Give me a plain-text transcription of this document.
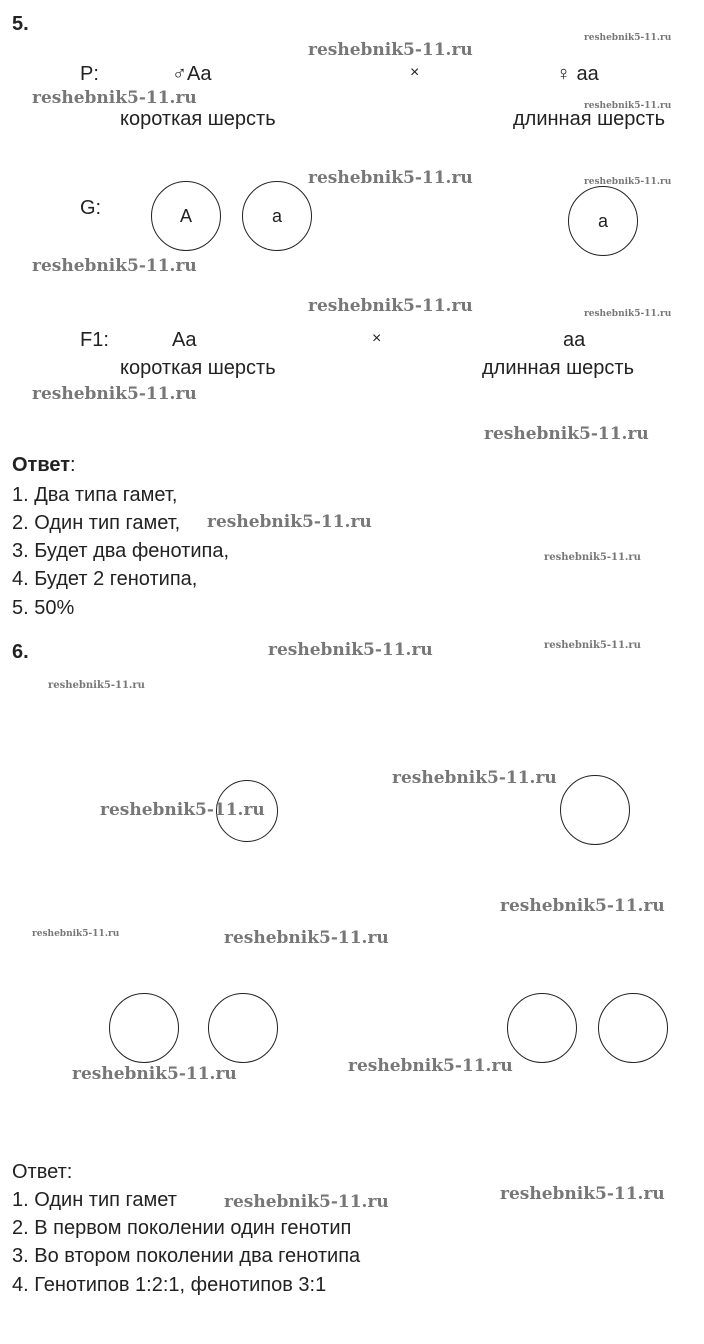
5.
P:	♂Aa	×	♀ aa
короткая шерсть	длинная шерсть
G:	A	a	a
F1:	Aa	×	aa
короткая шерсть	длинная шерсть
Ответ:
1. Два типа гамет,
2. Один тип гамет,
3. Будет два фенотипа,
4. Будет 2 генотипа,
5. 50%
6.
Ответ:
1. Один тип гамет
2. В первом поколении один генотип
3. Во втором поколении два генотипа
4. Генотипов 1:2:1, фенотипов 3:1
reshebnik5-11.ru
reshebnik5-11.ru
reshebnik5-11.ru	reshebnik5-11.ru
reshebnik5-11.ru	reshebnik5-11.ru
reshebnik5-11.ru
reshebnik5-11.ru	reshebnik5-11.ru
reshebnik5-11.ru
reshebnik5-11.ru
reshebnik5-11.ru
reshebnik5-11.ru
reshebnik5-11.ru	reshebnik5-11.ru
reshebnik5-11.ru
reshebnik5-11.ru
reshebnik5-11.ru
reshebnik5-11.ru
reshebnik5-11.ru	reshebnik5-11.ru
reshebnik5-11.ru
reshebnik5-11.ru
reshebnik5-11.ru
reshebnik5-11.ru
